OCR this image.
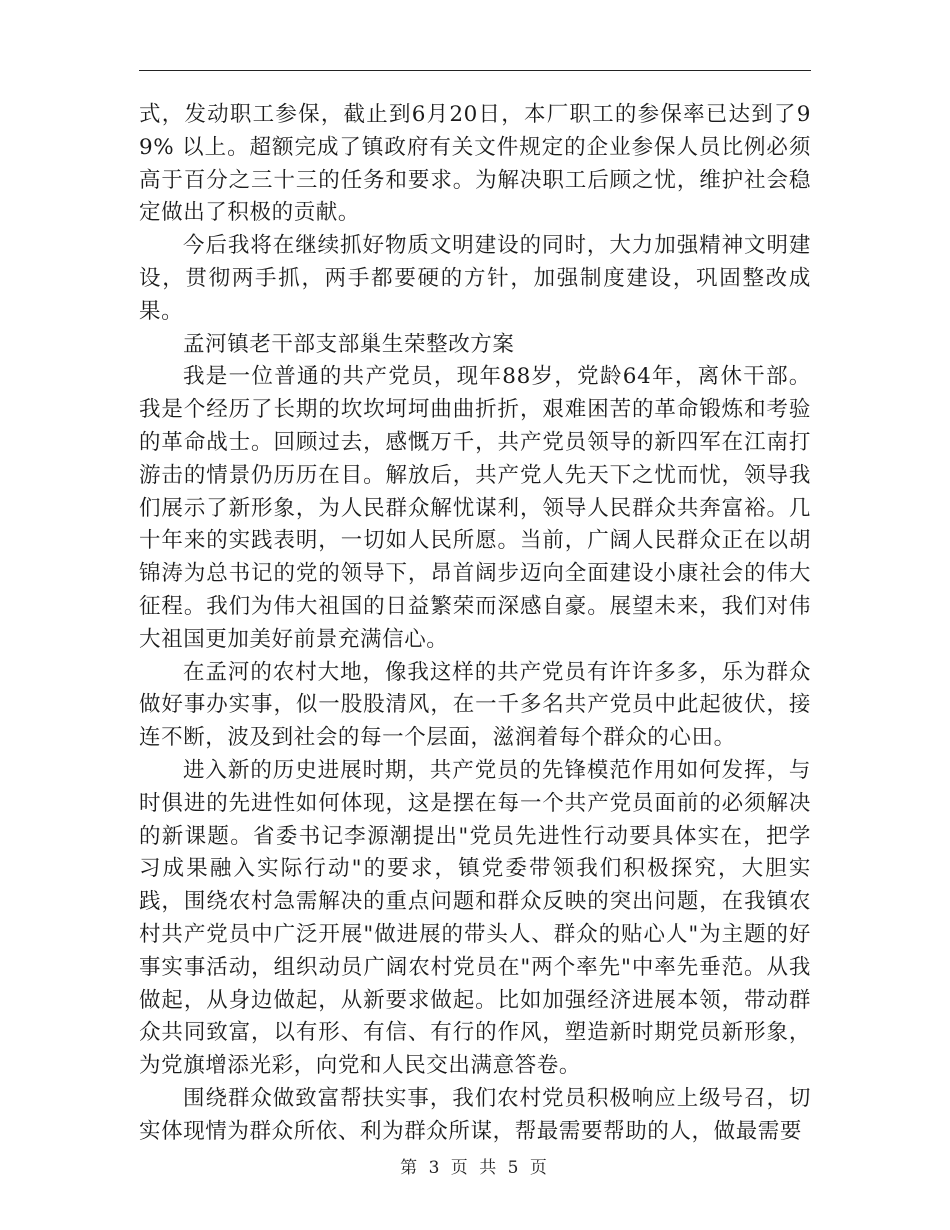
式，发动职工参保，截止到6月20日，本厂职工的参保率已达到了99% 以上。超额完成了镇政府有关文件规定的企业参保人员比例必须高于百分之三十三的任务和要求。为解决职工后顾之忧，维护社会稳定做出了积极的贡献。

今后我将在继续抓好物质文明建设的同时，大力加强精神文明建设，贯彻两手抓，两手都要硬的方针，加强制度建设，巩固整改成果。

孟河镇老干部支部巢生荣整改方案

我是一位普通的共产党员，现年88岁，党龄64年，离休干部。我是个经历了长期的坎坎坷坷曲曲折折，艰难困苦的革命锻炼和考验的革命战士。回顾过去，感慨万千，共产党员领导的新四军在江南打游击的情景仍历历在目。解放后，共产党人先天下之忧而忧，领导我们展示了新形象，为人民群众解忧谋利，领导人民群众共奔富裕。几十年来的实践表明，一切如人民所愿。当前，广阔人民群众正在以胡锦涛为总书记的党的领导下，昂首阔步迈向全面建设小康社会的伟大征程。我们为伟大祖国的日益繁荣而深感自豪。展望未来，我们对伟大祖国更加美好前景充满信心。

在孟河的农村大地，像我这样的共产党员有许许多多，乐为群众做好事办实事，似一股股清风，在一千多名共产党员中此起彼伏，接连不断，波及到社会的每一个层面，滋润着每个群众的心田。

进入新的历史进展时期，共产党员的先锋模范作用如何发挥，与时俱进的先进性如何体现，这是摆在每一个共产党员面前的必须解决的新课题。省委书记李源潮提出"党员先进性行动要具体实在，把学习成果融入实际行动"的要求，镇党委带领我们积极探究，大胆实践，围绕农村急需解决的重点问题和群众反映的突出问题，在我镇农村共产党员中广泛开展"做进展的带头人、群众的贴心人"为主题的好事实事活动，组织动员广阔农村党员在"两个率先"中率先垂范。从我做起，从身边做起，从新要求做起。比如加强经济进展本领，带动群众共同致富，以有形、有信、有行的作风，塑造新时期党员新形象，为党旗增添光彩，向党和人民交出满意答卷。

围绕群众做致富帮扶实事，我们农村党员积极响应上级号召，切实体现情为群众所依、利为群众所谋，帮最需要帮助的人，做最需要

第 3 页 共 5 页
